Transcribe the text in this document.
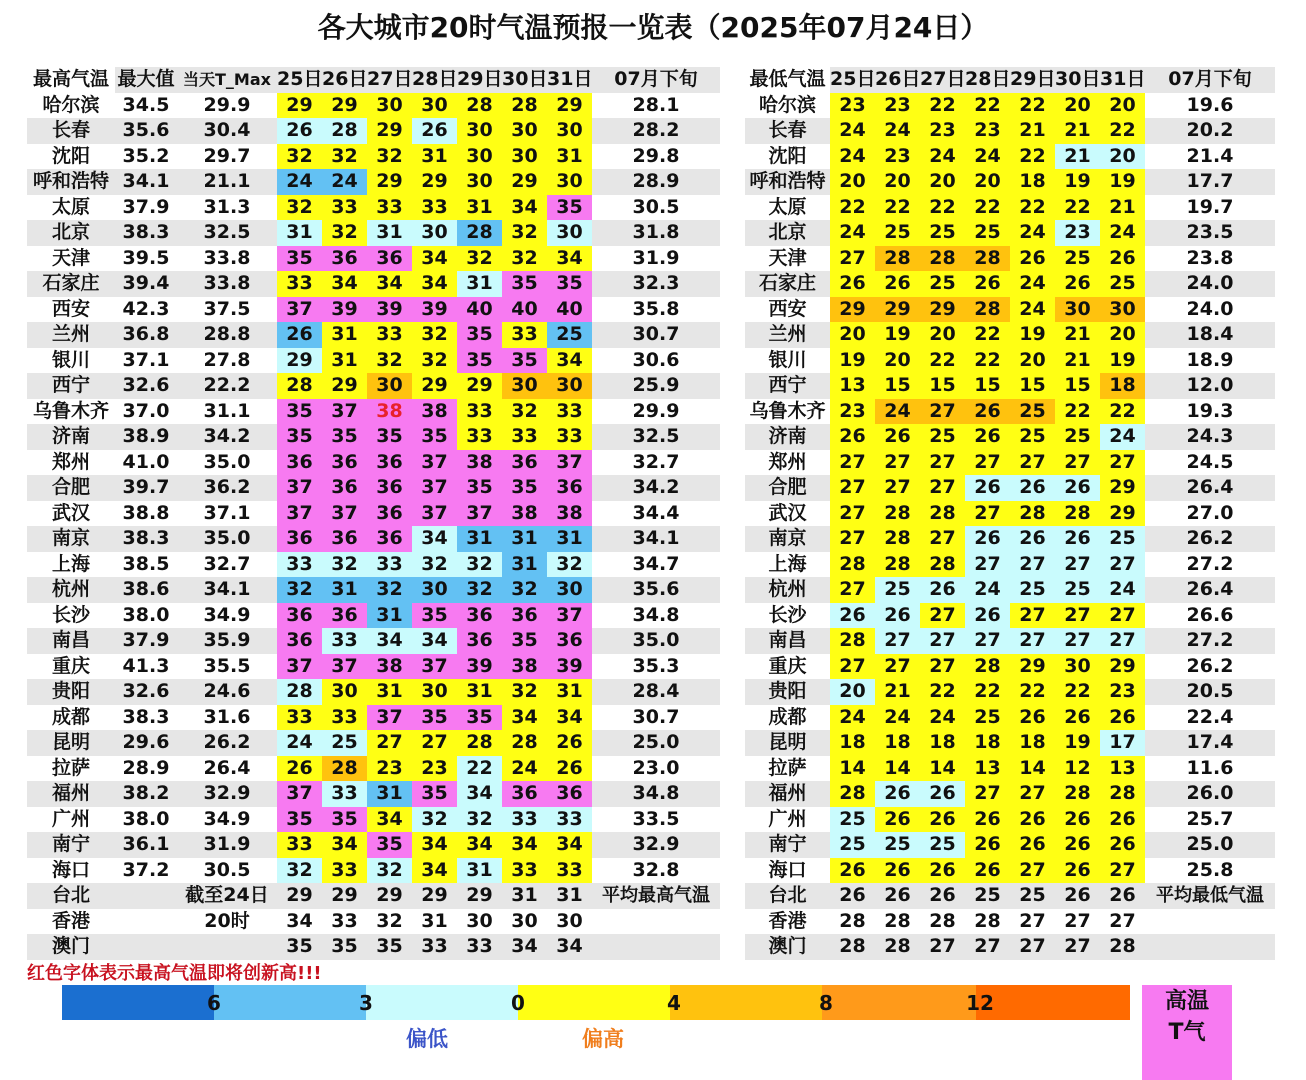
各大城市20时气温预报一览表（2025年07月24日）
最高气温	最大值	当天T_Max	25日	26日	27日	28日	29日	30日	31日	07月下旬
哈尔滨	34.5	29.9	29	29	30	30	28	28	29	28.1
长春	35.6	30.4	26	28	29	26	30	30	30	28.2
沈阳	35.2	29.7	32	32	32	31	30	30	31	29.8
呼和浩特	34.1	21.1	24	24	29	29	30	29	30	28.9
太原	37.9	31.3	32	33	33	33	31	34	35	30.5
北京	38.3	32.5	31	32	31	30	28	32	30	31.8
天津	39.5	33.8	35	36	36	34	32	32	34	31.9
石家庄	39.4	33.8	33	34	34	34	31	35	35	32.3
西安	42.3	37.5	37	39	39	39	40	40	40	35.8
兰州	36.8	28.8	26	31	33	32	35	33	25	30.7
银川	37.1	27.8	29	31	32	32	35	35	34	30.6
西宁	32.6	22.2	28	29	30	29	29	30	30	25.9
乌鲁木齐	37.0	31.1	35	37	38	38	33	32	33	29.9
济南	38.9	34.2	35	35	35	35	33	33	33	32.5
郑州	41.0	35.0	36	36	36	37	38	36	37	32.7
合肥	39.7	36.2	37	36	36	37	35	35	36	34.2
武汉	38.8	37.1	37	37	36	37	37	38	38	34.4
南京	38.3	35.0	36	36	36	34	31	31	31	34.1
上海	38.5	32.7	33	32	33	32	32	31	32	34.7
杭州	38.6	34.1	32	31	32	30	32	32	30	35.6
长沙	38.0	34.9	36	36	31	35	36	36	37	34.8
南昌	37.9	35.9	36	33	34	34	36	35	36	35.0
重庆	41.3	35.5	37	37	38	37	39	38	39	35.3
贵阳	32.6	24.6	28	30	31	30	31	32	31	28.4
成都	38.3	31.6	33	33	37	35	35	34	34	30.7
昆明	29.6	26.2	24	25	27	27	28	28	26	25.0
拉萨	28.9	26.4	26	28	23	23	22	24	26	23.0
福州	38.2	32.9	37	33	31	35	34	36	36	34.8
广州	38.0	34.9	35	35	34	32	32	33	33	33.5
南宁	36.1	31.9	33	34	35	34	34	34	34	32.9
海口	37.2	30.5	32	33	32	34	31	33	33	32.8
台北		截至24日	29	29	29	29	29	31	31	平均最高气温
香港		20时	34	33	32	31	30	30	30	
澳门			35	35	35	33	33	34	34	
最低气温	25日	26日	27日	28日	29日	30日	31日	07月下旬
哈尔滨	23	23	22	22	22	20	20	19.6
长春	24	24	23	23	21	21	22	20.2
沈阳	24	23	24	24	22	21	20	21.4
呼和浩特	20	20	20	20	18	19	19	17.7
太原	22	22	22	22	22	22	21	19.7
北京	24	25	25	25	24	23	24	23.5
天津	27	28	28	28	26	25	26	23.8
石家庄	26	26	25	26	24	26	25	24.0
西安	29	29	29	28	24	30	30	24.0
兰州	20	19	20	22	19	21	20	18.4
银川	19	20	22	22	20	21	19	18.9
西宁	13	15	15	15	15	15	18	12.0
乌鲁木齐	23	24	27	26	25	22	22	19.3
济南	26	26	25	26	25	25	24	24.3
郑州	27	27	27	27	27	27	27	24.5
合肥	27	27	27	26	26	26	29	26.4
武汉	27	28	28	27	28	28	29	27.0
南京	27	28	27	26	26	26	25	26.2
上海	28	28	28	27	27	27	27	27.2
杭州	27	25	26	24	25	25	24	26.4
长沙	26	26	27	26	27	27	27	26.6
南昌	28	27	27	27	27	27	27	27.2
重庆	27	27	27	28	29	30	29	26.2
贵阳	20	21	22	22	22	22	23	20.5
成都	24	24	24	25	26	26	26	22.4
昆明	18	18	18	18	18	19	17	17.4
拉萨	14	14	14	13	14	12	13	11.6
福州	28	26	26	27	27	28	28	26.0
广州	25	26	26	26	26	26	26	25.7
南宁	25	25	25	26	26	26	26	25.0
海口	26	26	26	26	27	26	27	25.8
台北	26	26	26	25	25	26	26	平均最低气温
香港	28	28	28	28	27	27	27	
澳门	28	28	27	27	27	27	28	
红色字体表示最高气温即将创新高!!!
6	3	0	4	8	12
偏低	偏高
高温
T气
